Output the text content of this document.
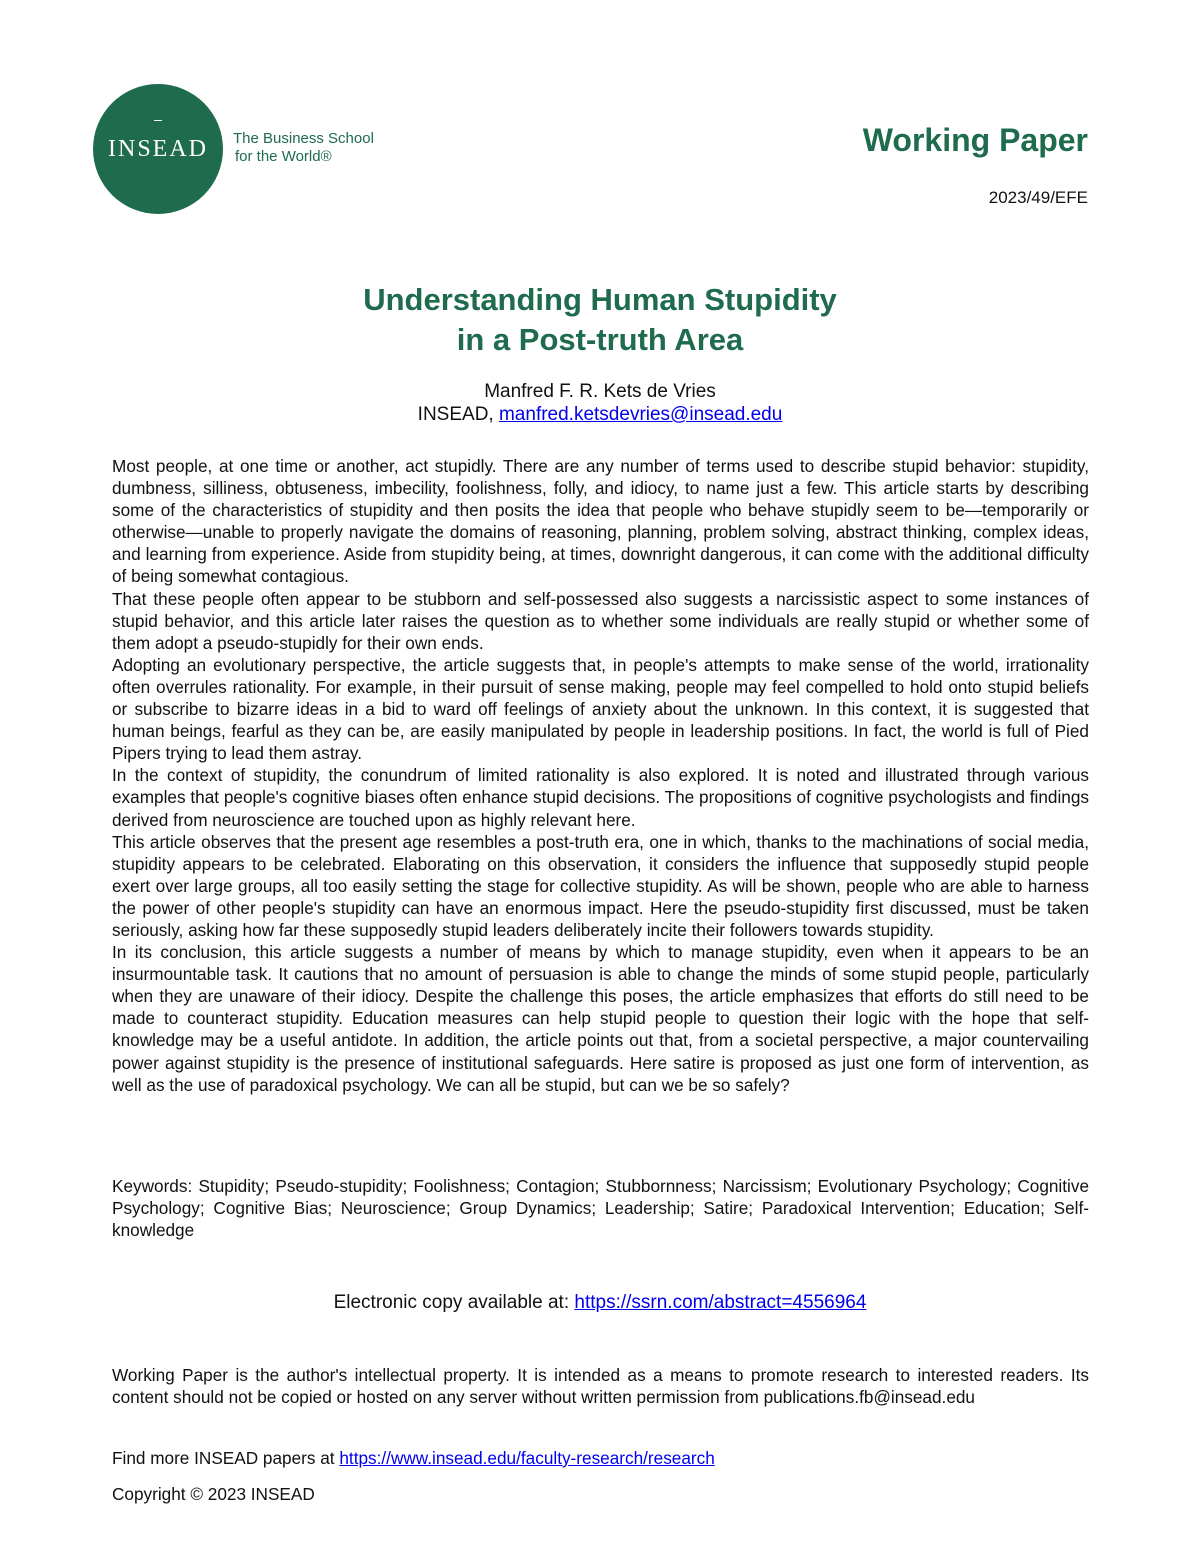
INSEAD The Business School
for the World®	Working Paper
2023/49/EFE
Understanding Human Stupidity
in a Post-truth Area
Manfred F. R. Kets de Vries
INSEAD, manfred.ketsdevries@insead.edu

Most people, at one time or another, act stupidly. There are any number of terms used to describe stupid behavior: stupidity, dumbness, silliness, obtuseness, imbecility, foolishness, folly, and idiocy, to name just a few. This article starts by describing some of the characteristics of stupidity and then posits the idea that people who behave stupidly seem to be—temporarily or otherwise—unable to properly navigate the domains of reasoning, planning, problem solving, abstract thinking, complex ideas, and learning from experience. Aside from stupidity being, at times, downright dangerous, it can come with the additional difficulty of being somewhat contagious.

That these people often appear to be stubborn and self-possessed also suggests a narcissistic aspect to some instances of stupid behavior, and this article later raises the question as to whether some individuals are really stupid or whether some of them adopt a pseudo-stupidly for their own ends.

Adopting an evolutionary perspective, the article suggests that, in people's attempts to make sense of the world, irrationality often overrules rationality. For example, in their pursuit of sense making, people may feel compelled to hold onto stupid beliefs or subscribe to bizarre ideas in a bid to ward off feelings of anxiety about the unknown. In this context, it is suggested that human beings, fearful as they can be, are easily manipulated by people in leadership positions. In fact, the world is full of Pied Pipers trying to lead them astray.

In the context of stupidity, the conundrum of limited rationality is also explored. It is noted and illustrated through various examples that people's cognitive biases often enhance stupid decisions. The propositions of cognitive psychologists and findings derived from neuroscience are touched upon as highly relevant here.

This article observes that the present age resembles a post-truth era, one in which, thanks to the machinations of social media, stupidity appears to be celebrated. Elaborating on this observation, it considers the influence that supposedly stupid people exert over large groups, all too easily setting the stage for collective stupidity. As will be shown, people who are able to harness the power of other people's stupidity can have an enormous impact. Here the pseudo-stupidity first discussed, must be taken seriously, asking how far these supposedly stupid leaders deliberately incite their followers towards stupidity.

In its conclusion, this article suggests a number of means by which to manage stupidity, even when it appears to be an insurmountable task. It cautions that no amount of persuasion is able to change the minds of some stupid people, particularly when they are unaware of their idiocy. Despite the challenge this poses, the article emphasizes that efforts do still need to be made to counteract stupidity. Education measures can help stupid people to question their logic with the hope that self-knowledge may be a useful antidote. In addition, the article points out that, from a societal perspective, a major countervailing power against stupidity is the presence of institutional safeguards. Here satire is proposed as just one form of intervention, as well as the use of paradoxical psychology. We can all be stupid, but can we be so safely?

Keywords: Stupidity; Pseudo-stupidity; Foolishness; Contagion; Stubbornness; Narcissism; Evolutionary Psychology; Cognitive Psychology; Cognitive Bias; Neuroscience; Group Dynamics; Leadership; Satire; Paradoxical Intervention; Education; Self-knowledge
Electronic copy available at: https://ssrn.com/abstract=4556964
Working Paper is the author's intellectual property. It is intended as a means to promote research to interested readers. Its content should not be copied or hosted on any server without written permission from publications.fb@insead.edu
Find more INSEAD papers at https://www.insead.edu/faculty-research/research
Copyright © 2023 INSEAD
